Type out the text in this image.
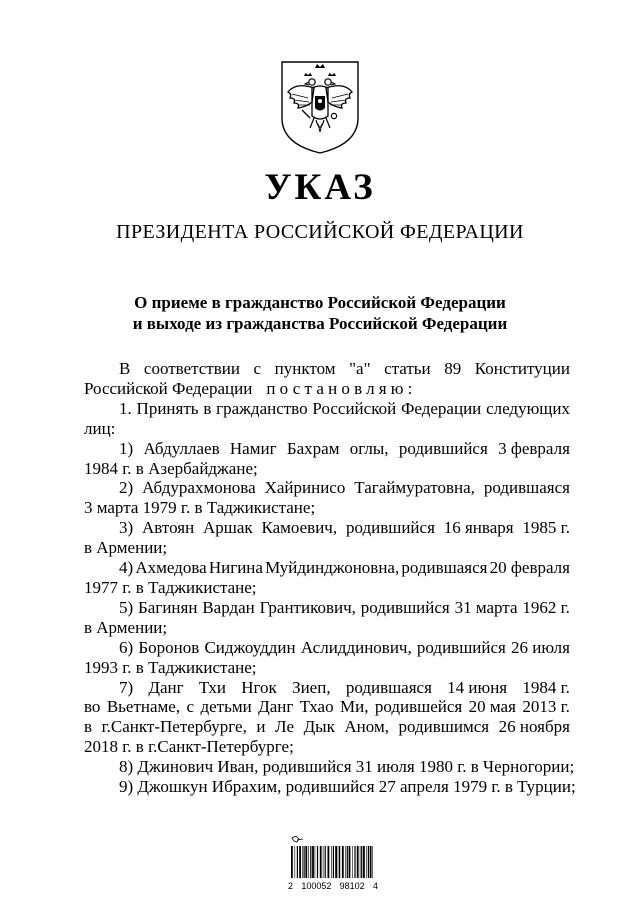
УКАЗ
ПРЕЗИДЕНТА РОССИЙСКОЙ ФЕДЕРАЦИИ
О приеме в гражданство Российской Федерации
и выходе из гражданства Российской Федерации
В соответствии с пунктом "а" статьи 89 Конституции
Российской Федерации постановляю:
1. Принять в гражданство Российской Федерации следующих
лиц:
1) Абдуллаев Намиг Бахрам оглы, родившийся 3 февраля
1984 г. в Азербайджане;
2) Абдурахмонова Хайринисо Тагаймуратовна, родившаяся
3 марта 1979 г. в Таджикистане;
3) Автоян Аршак Камоевич, родившийся 16 января 1985 г.
в Армении;
4) Ахмедова Нигина Муйдинджоновна, родившаяся 20 февраля
1977 г. в Таджикистане;
5) Багинян Вардан Грантикович, родившийся 31 марта 1962 г.
в Армении;
6) Боронов Сиджоуддин Аслиддинович, родившийся 26 июля
1993 г. в Таджикистане;
7) Данг Тхи Нгок Зиеп, родившаяся 14 июня 1984 г.
во Вьетнаме, с детьми Данг Тхао Ми, родившейся 20 мая 2013 г.
в г.Санкт-Петербурге, и Ле Дык Аном, родившимся 26 ноября
2018 г. в г.Санкт-Петербурге;
8) Джинович Иван, родившийся 31 июля 1980 г. в Черногории;
9) Джошкун Ибрахим, родившийся 27 апреля 1979 г. в Турции;
2 100052 98102 4
